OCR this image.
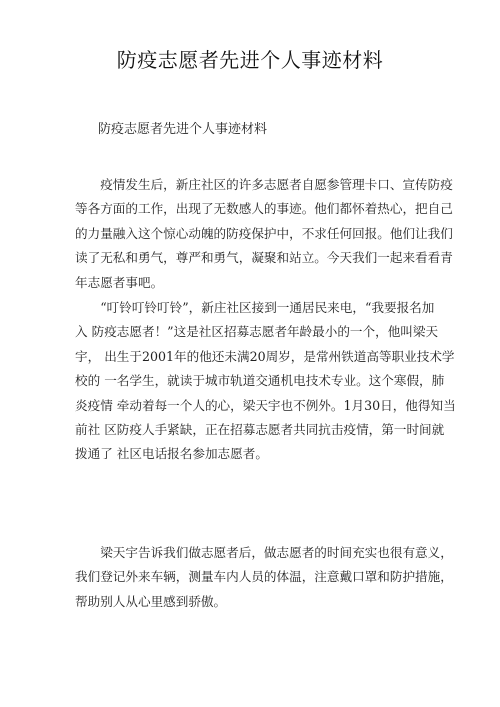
防疫志愿者先进个人事迹材料
防疫志愿者先进个人事迹材料
　　疫情发生后，新庄社区的许多志愿者自愿参管理卡口、宣传防疫
等各方面的工作，出现了无数感人的事迹。他们都怀着热心，把自己
的力量融入这个惊心动魄的防疫保护中，不求任何回报。他们让我们
读了无私和勇气，尊严和勇气，凝聚和站立。今天我们一起来看看青
年志愿者事吧。
　　“叮铃叮铃叮铃”，新庄社区接到一通居民来电，“我要报名加
入 防疫志愿者！”这是社区招募志愿者年龄最小的一个，他叫梁天
宇， 出生于2001年的他还未满20周岁，是常州铁道高等职业技术学
校的 一名学生，就读于城市轨道交通机电技术专业。这个寒假，肺
炎疫情 牵动着每一个人的心，梁天宇也不例外。1月30日，他得知当
前社 区防疫人手紧缺，正在招募志愿者共同抗击疫情，第一时间就
拨通了 社区电话报名参加志愿者。
　　梁天宇告诉我们做志愿者后，做志愿者的时间充实也很有意义，
我们登记外来车辆，测量车内人员的体温，注意戴口罩和防护措施，
帮助别人从心里感到骄傲。
